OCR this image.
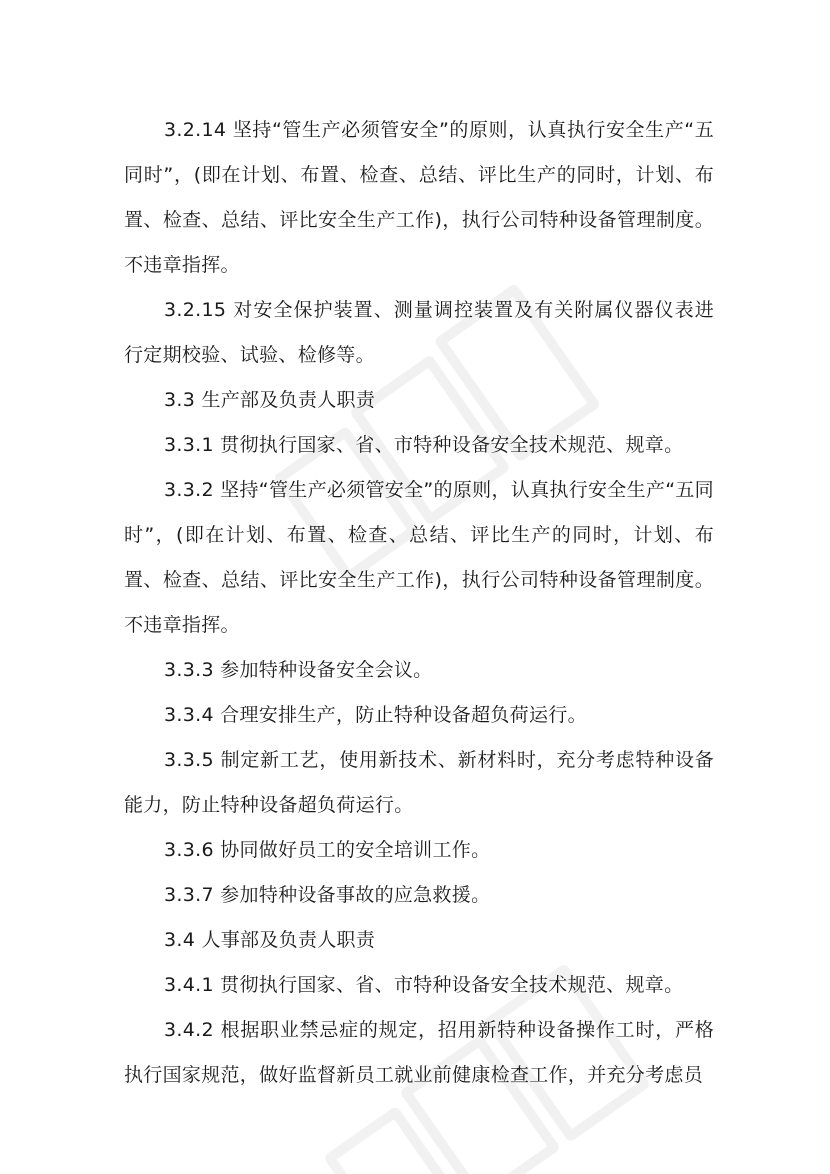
3.2.14 坚持“管生产必须管安全”的原则，认真执行安全生产“五同时”，(即在计划、布置、检查、总结、评比生产的同时，计划、布置、检查、总结、评比安全生产工作)，执行公司特种设备管理制度。不违章指挥。

3.2.15 对安全保护装置、测量调控装置及有关附属仪器仪表进行定期校验、试验、检修等。

3.3 生产部及负责人职责

3.3.1 贯彻执行国家、省、市特种设备安全技术规范、规章。

3.3.2 坚持“管生产必须管安全”的原则，认真执行安全生产“五同时”，(即在计划、布置、检查、总结、评比生产的同时，计划、布置、检查、总结、评比安全生产工作)，执行公司特种设备管理制度。不违章指挥。

3.3.3 参加特种设备安全会议。

3.3.4 合理安排生产，防止特种设备超负荷运行。

3.3.5 制定新工艺，使用新技术、新材料时，充分考虑特种设备能力，防止特种设备超负荷运行。

3.3.6 协同做好员工的安全培训工作。

3.3.7 参加特种设备事故的应急救援。

3.4 人事部及负责人职责

3.4.1 贯彻执行国家、省、市特种设备安全技术规范、规章。

3.4.2 根据职业禁忌症的规定，招用新特种设备操作工时，严格执行国家规范，做好监督新员工就业前健康检查工作，并充分考虑员
